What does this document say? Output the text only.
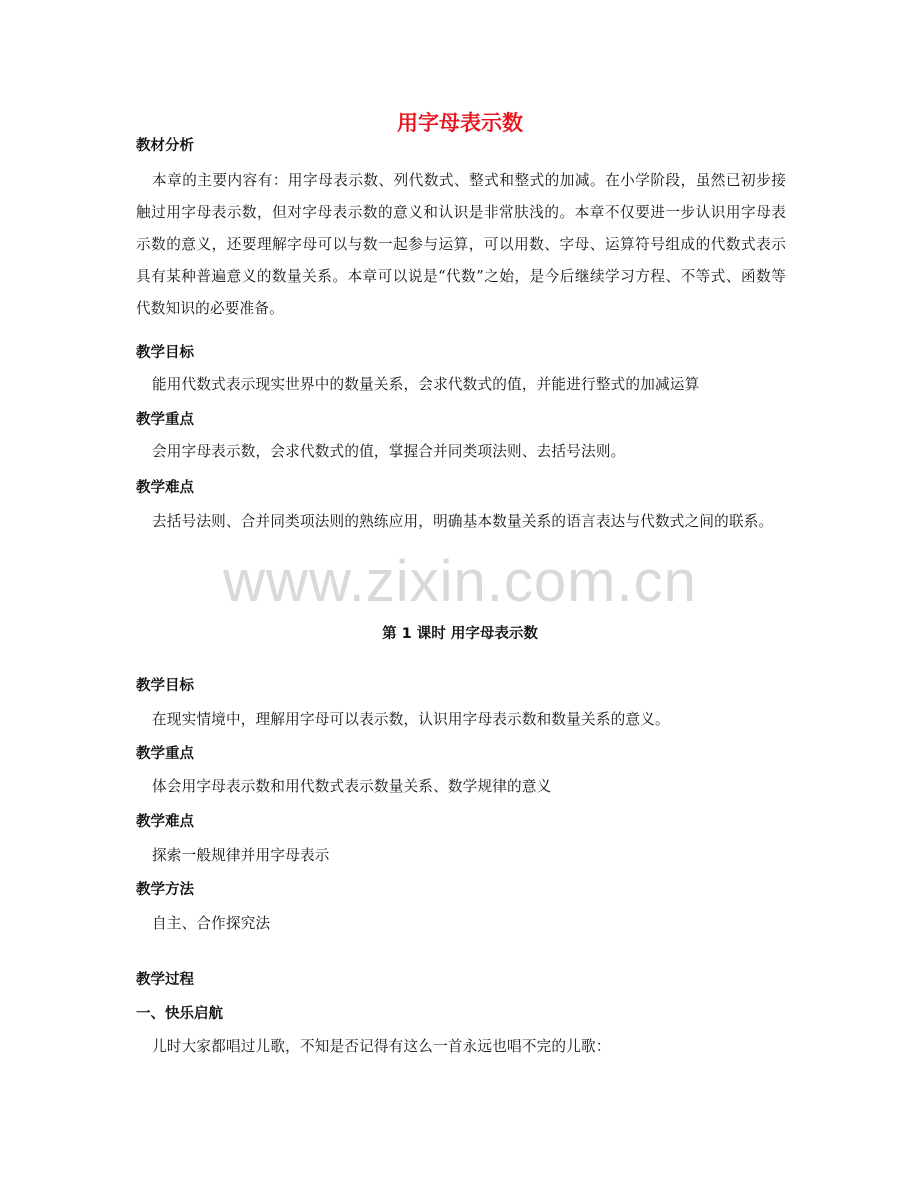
www.zixin.com.cn

用字母表示数
教材分析

本章的主要内容有：用字母表示数、列代数式、整式和整式的加减。在小学阶段，虽然已初步接触过用字母表示数，但对字母表示数的意义和认识是非常肤浅的。本章不仅要进一步认识用字母表示数的意义，还要理解字母可以与数一起参与运算，可以用数、字母、运算符号组成的代数式表示具有某种普遍意义的数量关系。本章可以说是“代数”之始，是今后继续学习方程、不等式、函数等代数知识的必要准备。

教学目标

能用代数式表示现实世界中的数量关系，会求代数式的值，并能进行整式的加减运算

教学重点

会用字母表示数，会求代数式的值，掌握合并同类项法则、去括号法则。

教学难点

去括号法则、合并同类项法则的熟练应用，明确基本数量关系的语言表达与代数式之间的联系。

第 1 课时 用字母表示数
教学目标

在现实情境中，理解用字母可以表示数，认识用字母表示数和数量关系的意义。

教学重点

体会用字母表示数和用代数式表示数量关系、数学规律的意义

教学难点

探索一般规律并用字母表示

教学方法

自主、合作探究法

教学过程
一、快乐启航

儿时大家都唱过儿歌，不知是否记得有这么一首永远也唱不完的儿歌：
